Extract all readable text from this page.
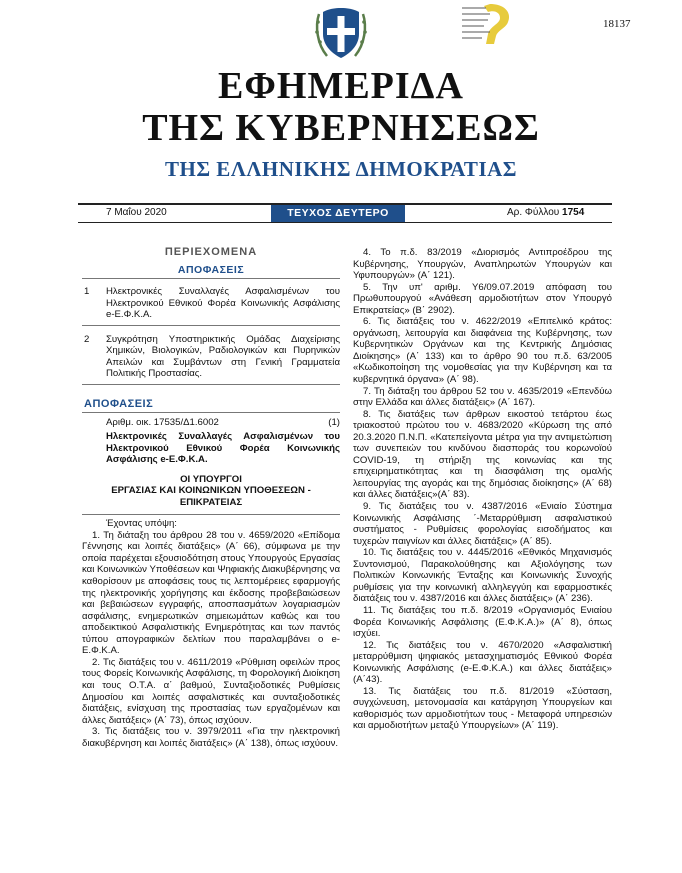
18137
ΕΦΗΜΕΡΙΔΑ
ΤΗΣ ΚΥΒΕΡΝΗΣΕΩΣ
ΤΗΣ ΕΛΛΗΝΙΚΗΣ ΔΗΜΟΚΡΑΤΙΑΣ
7 Μαΐου 2020	ΤΕΥΧΟΣ ΔΕΥΤΕΡΟ	Αρ. Φύλλου 1754
ΠΕΡΙΕΧΟΜΕΝΑ
ΑΠΟΦΑΣΕΙΣ
1	Ηλεκτρονικές Συναλλαγές Ασφαλισμένων του Ηλεκτρονικού Εθνικού Φορέα Κοινωνικής Ασφάλισης e-Ε.Φ.Κ.Α.
2	Συγκρότηση Υποστηρικτικής Ομάδας Διαχείρισης Χημικών, Βιολογικών, Ραδιολογικών και Πυρηνικών Απειλών και Συμβάντων στη Γενική Γραμματεία Πολιτικής Προστασίας.
ΑΠΟΦΑΣΕΙΣ
Αριθμ. οικ. 17535/Δ1.6002	(1)
Ηλεκτρονικές Συναλλαγές Ασφαλισμένων του Ηλεκτρονικού Εθνικού Φορέα Κοινωνικής Ασφάλισης e-Ε.Φ.Κ.Α.
ΟΙ ΥΠΟΥΡΓΟΙ
ΕΡΓΑΣΙΑΣ ΚΑΙ ΚΟΙΝΩΝΙΚΩΝ ΥΠΟΘΕΣΕΩΝ -
ΕΠΙΚΡΑΤΕΙΑΣ
Έχοντας υπόψη:
1. Τη διάταξη του άρθρου 28 του ν. 4659/2020 «Επίδομα Γέννησης και λοιπές διατάξεις» (Α΄ 66), σύμφωνα με την οποία παρέχεται εξουσιοδότηση στους Υπουργούς Εργασίας και Κοινωνικών Υποθέσεων και Ψηφιακής Διακυβέρνησης να καθορίσουν με αποφάσεις τους τις λεπτομέρειες εφαρμογής της ηλεκτρονικής χορήγησης και έκδοσης προβεβαιώσεων και βεβαιώσεων εγγραφής, αποσπασμάτων λογαριασμών ασφάλισης, ενημερωτικών σημειωμάτων καθώς και του αποδεικτικού Ασφαλιστικής Ενημερότητας και των παντός τύπου απογραφικών δελτίων που παραλαμβάνει ο e-Ε.Φ.Κ.Α.
2. Τις διατάξεις του ν. 4611/2019 «Ρύθμιση οφειλών προς τους Φορείς Κοινωνικής Ασφάλισης, τη Φορολογική Διοίκηση και τους Ο.Τ.Α. α΄ βαθμού, Συνταξιοδοτικές Ρυθμίσεις Δημοσίου και λοιπές ασφαλιστικές και συνταξιοδοτικές διατάξεις, ενίσχυση της προστασίας των εργαζομένων και άλλες διατάξεις» (Α΄ 73), όπως ισχύουν.
3. Τις διατάξεις του ν. 3979/2011 «Για την ηλεκτρονική διακυβέρνηση και λοιπές διατάξεις» (Α΄ 138), όπως ισχύουν.
4. Το π.δ. 83/2019 «Διορισμός Αντιπροέδρου της Κυβέρνησης, Υπουργών, Αναπληρωτών Υπουργών και Υφυπουργών» (Α΄ 121).
5. Την υπ' αριθμ. Υ6/09.07.2019 απόφαση του Πρωθυπουργού «Ανάθεση αρμοδιοτήτων στον Υπουργό Επικρατείας» (Β΄ 2902).
6. Τις διατάξεις του ν. 4622/2019 «Επιτελικό κράτος: οργάνωση, λειτουργία και διαφάνεια της Κυβέρνησης, των Κυβερνητικών Οργάνων και της Κεντρικής Δημόσιας Διοίκησης» (Α΄ 133) και το άρθρο 90 του π.δ. 63/2005 «Κωδικοποίηση της νομοθεσίας για την Κυβέρνηση και τα κυβερνητικά όργανα» (Α΄ 98).
7. Τη διάταξη του άρθρου 52 του ν. 4635/2019 «Επενδύω στην Ελλάδα και άλλες διατάξεις» (Α΄ 167).
8. Τις διατάξεις των άρθρων εικοστού τετάρτου έως τριακοστού πρώτου του ν. 4683/2020 «Κύρωση της από 20.3.2020 Π.Ν.Π. «Κατεπείγοντα μέτρα για την αντιμετώπιση των συνεπειών του κινδύνου διασποράς του κορωνοϊού COVID-19, τη στήριξη της κοινωνίας και της επιχειρηματικότητας και τη διασφάλιση της ομαλής λειτουργίας της αγοράς και της δημόσιας διοίκησης» (Α΄ 68) και άλλες διατάξεις»(Α΄ 83).
9. Τις διατάξεις του ν. 4387/2016 «Ενιαίο Σύστημα Κοινωνικής Ασφάλισης ΄-Μεταρρύθμιση ασφαλιστικού συστήματος - Ρυθμίσεις φορολογίας εισοδήματος και τυχερών παιγνίων και άλλες διατάξεις» (Α΄ 85).
10. Τις διατάξεις του ν. 4445/2016 «Εθνικός Μηχανισμός Συντονισμού, Παρακολούθησης και Αξιολόγησης των Πολιτικών Κοινωνικής Ένταξης και Κοινωνικής Συνοχής ρυθμίσεις για την κοινωνική αλληλεγγύη και εφαρμοστικές διατάξεις του ν. 4387/2016 και άλλες διατάξεις» (Α΄ 236).
11. Τις διατάξεις του π.δ. 8/2019 «Οργανισμός Ενιαίου Φορέα Κοινωνικής Ασφάλισης (Ε.Φ.Κ.Α.)» (Α΄ 8), όπως ισχύει.
12. Τις διατάξεις του ν. 4670/2020 «Ασφαλιστική μεταρρύθμιση ψηφιακός μετασχηματισμός Εθνικού Φορέα Κοινωνικής Ασφάλισης (e-Ε.Φ.Κ.Α.) και άλλες διατάξεις» (Α΄43).
13. Τις διατάξεις του π.δ. 81/2019 «Σύσταση, συγχώνευση, μετονομασία και κατάργηση Υπουργείων και καθορισμός των αρμοδιοτήτων τους - Μεταφορά υπηρεσιών και αρμοδιοτήτων μεταξύ Υπουργείων» (Α΄ 119).
